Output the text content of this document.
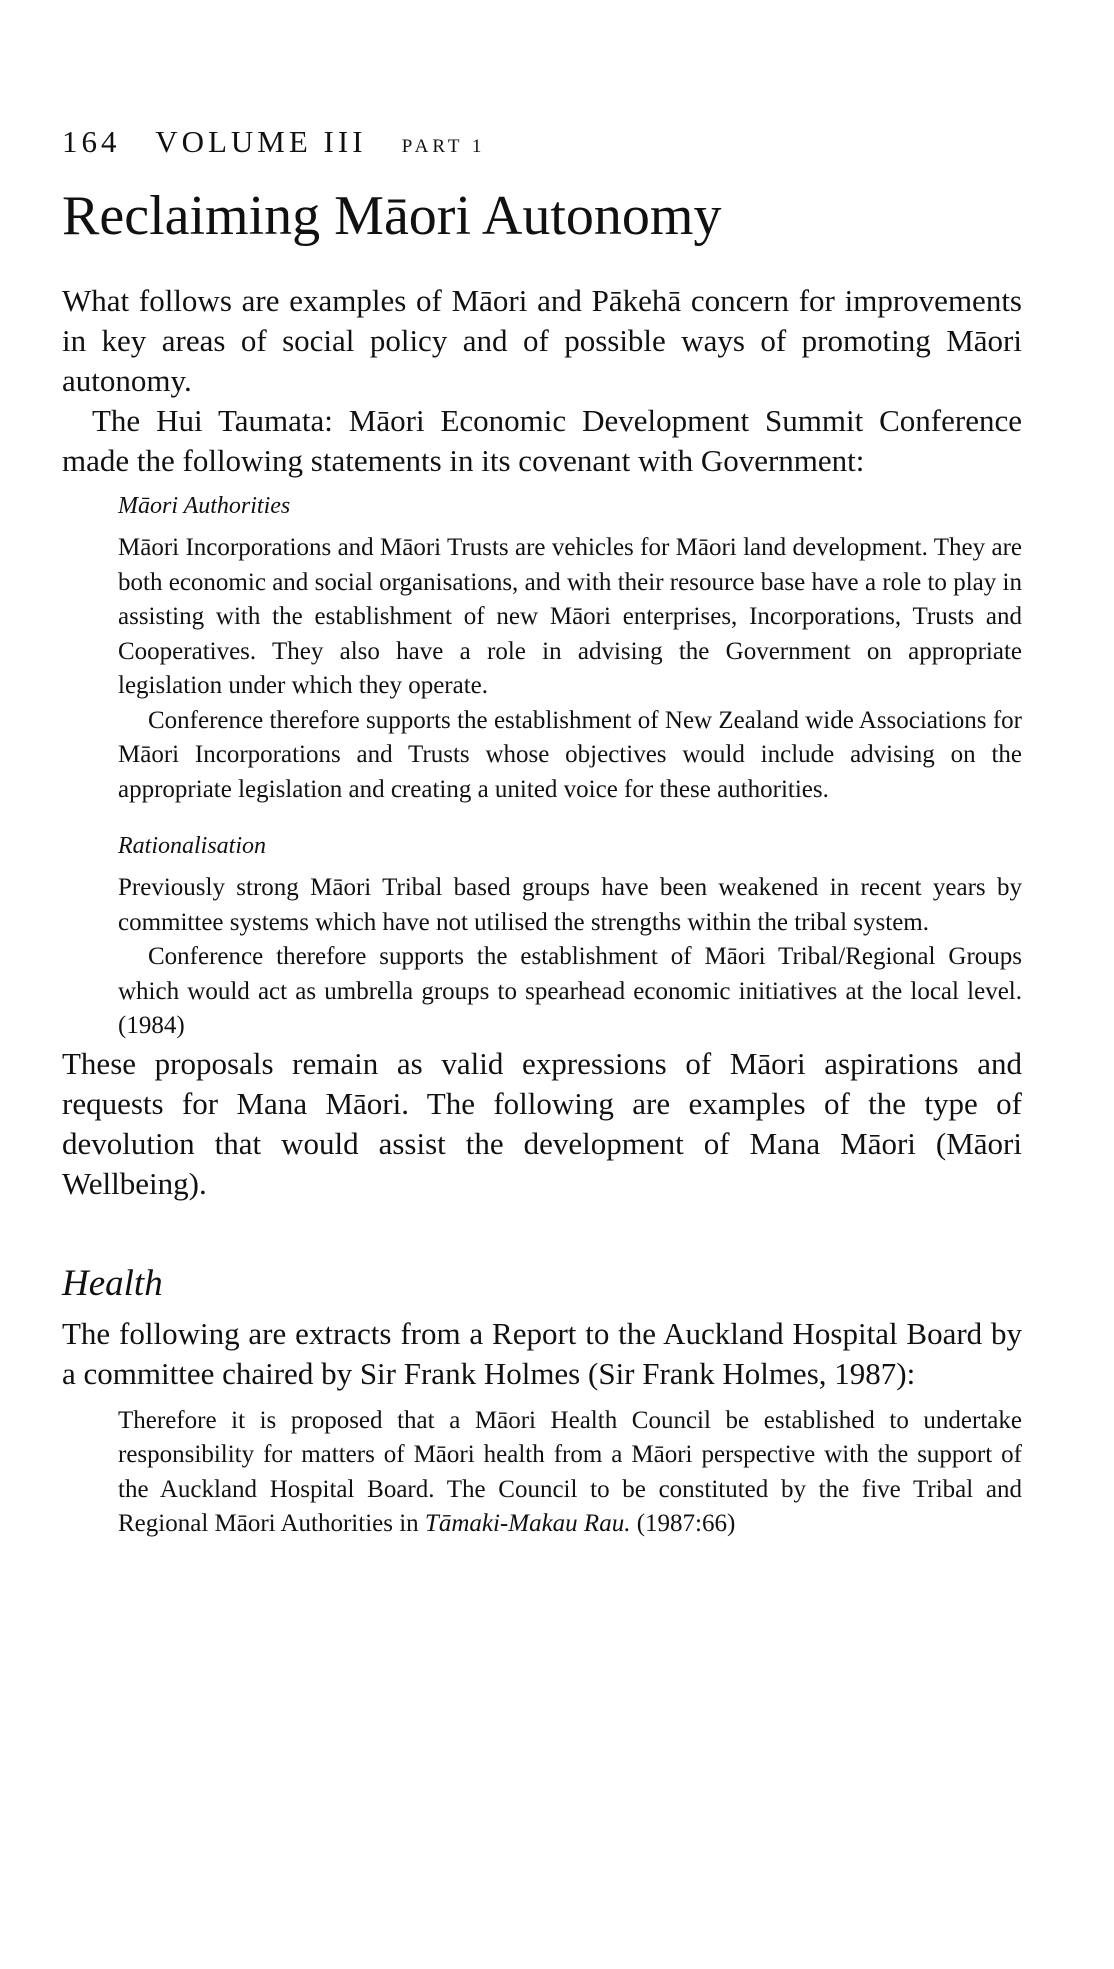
164 VOLUME III PART 1
Reclaiming Māori Autonomy

What follows are examples of Māori and Pākehā concern for improvements in key areas of social policy and of possible ways of promoting Māori autonomy.

The Hui Taumata: Māori Economic Development Summit Conference made the following statements in its covenant with Government:

Māori Authorities

Māori Incorporations and Māori Trusts are vehicles for Māori land development. They are both economic and social organisations, and with their resource base have a role to play in assisting with the establishment of new Māori enterprises, Incorporations, Trusts and Cooperatives. They also have a role in advising the Government on appropriate legislation under which they operate.

Conference therefore supports the establishment of New Zealand wide Associations for Māori Incorporations and Trusts whose objectives would include advising on the appropriate legislation and creating a united voice for these authorities.

Rationalisation

Previously strong Māori Tribal based groups have been weakened in recent years by committee systems which have not utilised the strengths within the tribal system.

Conference therefore supports the establishment of Māori Tribal/Regional Groups which would act as umbrella groups to spearhead economic initiatives at the local level. (1984)

These proposals remain as valid expressions of Māori aspirations and requests for Mana Māori. The following are examples of the type of devolution that would assist the development of Mana Māori (Māori Wellbeing).

Health

The following are extracts from a Report to the Auckland Hospital Board by a committee chaired by Sir Frank Holmes (Sir Frank Holmes, 1987):

Therefore it is proposed that a Māori Health Council be established to undertake responsibility for matters of Māori health from a Māori perspective with the support of the Auckland Hospital Board. The Council to be constituted by the five Tribal and Regional Māori Authorities in Tāmaki-Makau Rau. (1987:66)
